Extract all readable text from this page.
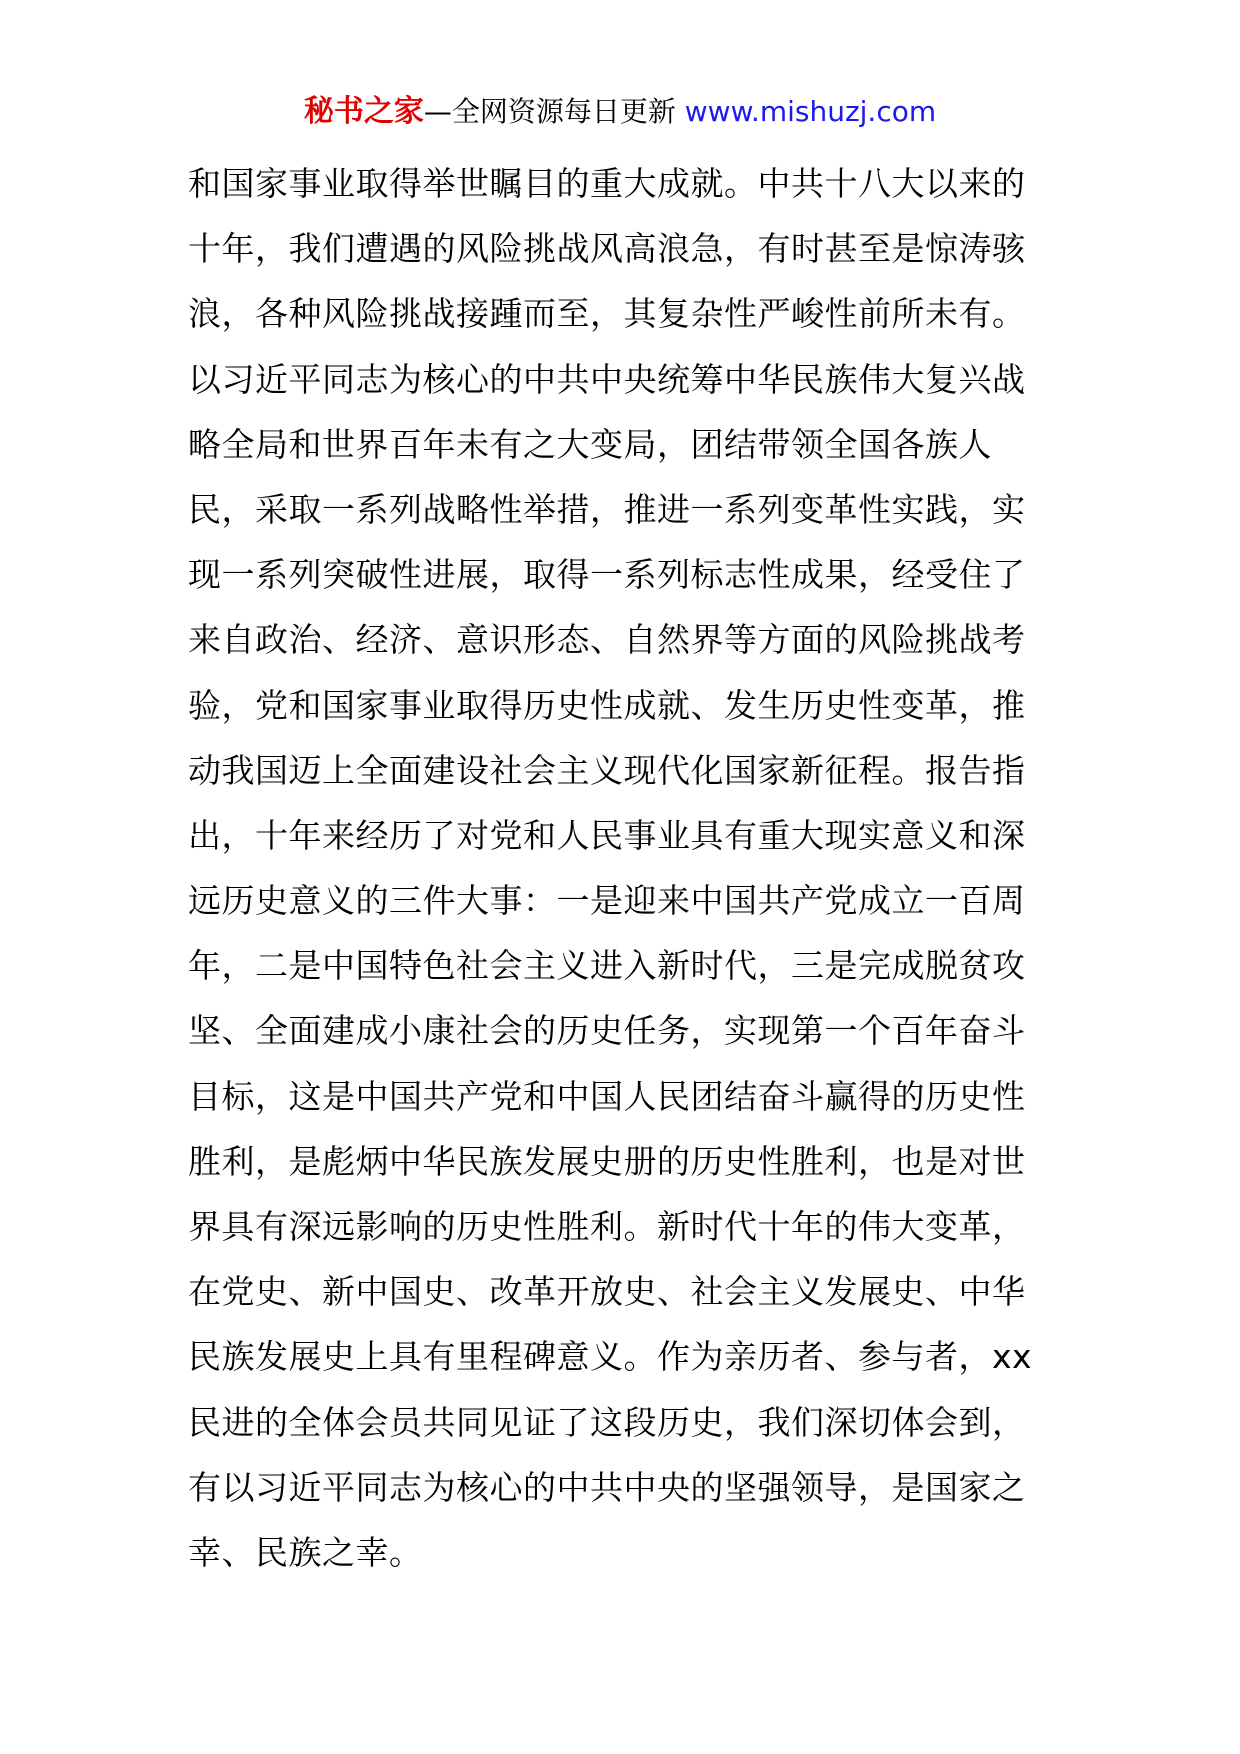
秘书之家—全网资源每日更新 www.mishuzj.com
和国家事业取得举世瞩目的重大成就。中共十八大以来的
十年，我们遭遇的风险挑战风高浪急，有时甚至是惊涛骇
浪，各种风险挑战接踵而至，其复杂性严峻性前所未有。
以习近平同志为核心的中共中央统筹中华民族伟大复兴战
略全局和世界百年未有之大变局，团结带领全国各族人
民，采取一系列战略性举措，推进一系列变革性实践，实
现一系列突破性进展，取得一系列标志性成果，经受住了
来自政治、经济、意识形态、自然界等方面的风险挑战考
验，党和国家事业取得历史性成就、发生历史性变革，推
动我国迈上全面建设社会主义现代化国家新征程。报告指
出，十年来经历了对党和人民事业具有重大现实意义和深
远历史意义的三件大事：一是迎来中国共产党成立一百周
年，二是中国特色社会主义进入新时代，三是完成脱贫攻
坚、全面建成小康社会的历史任务，实现第一个百年奋斗
目标，这是中国共产党和中国人民团结奋斗赢得的历史性
胜利，是彪炳中华民族发展史册的历史性胜利，也是对世
界具有深远影响的历史性胜利。新时代十年的伟大变革，
在党史、新中国史、改革开放史、社会主义发展史、中华
民族发展史上具有里程碑意义。作为亲历者、参与者，xx
民进的全体会员共同见证了这段历史，我们深切体会到，
有以习近平同志为核心的中共中央的坚强领导，是国家之
幸、民族之幸。
